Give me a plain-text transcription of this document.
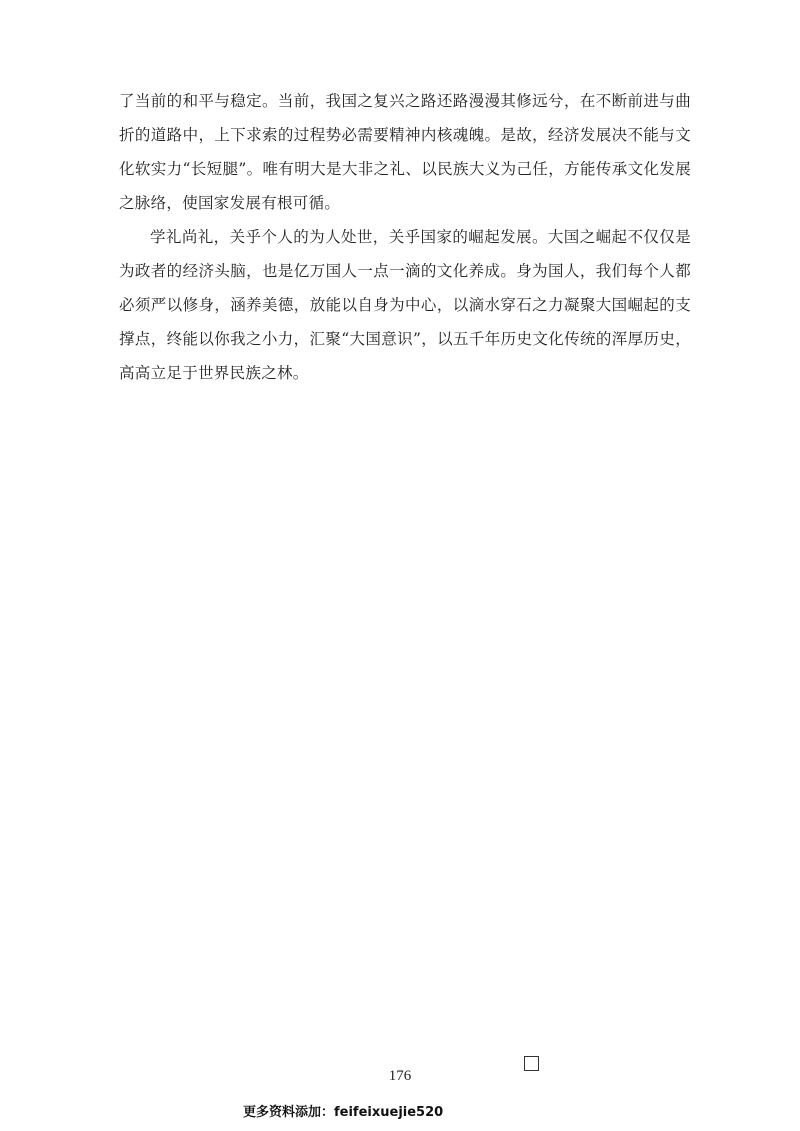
了当前的和平与稳定。当前，我国之复兴之路还路漫漫其修远兮，在不断前进与曲折的道路中，上下求索的过程势必需要精神内核魂魄。是故，经济发展决不能与文化软实力“长短腿”。唯有明大是大非之礼、以民族大义为己任，方能传承文化发展之脉络，使国家发展有根可循。

学礼尚礼，关乎个人的为人处世，关乎国家的崛起发展。大国之崛起不仅仅是为政者的经济头脑，也是亿万国人一点一滴的文化养成。身为国人，我们每个人都必须严以修身，涵养美德，放能以自身为中心，以滴水穿石之力凝聚大国崛起的支撑点，终能以你我之小力，汇聚“大国意识”，以五千年历史文化传统的浑厚历史，高高立足于世界民族之林。

176
更多资料添加：feifeixuejie520
